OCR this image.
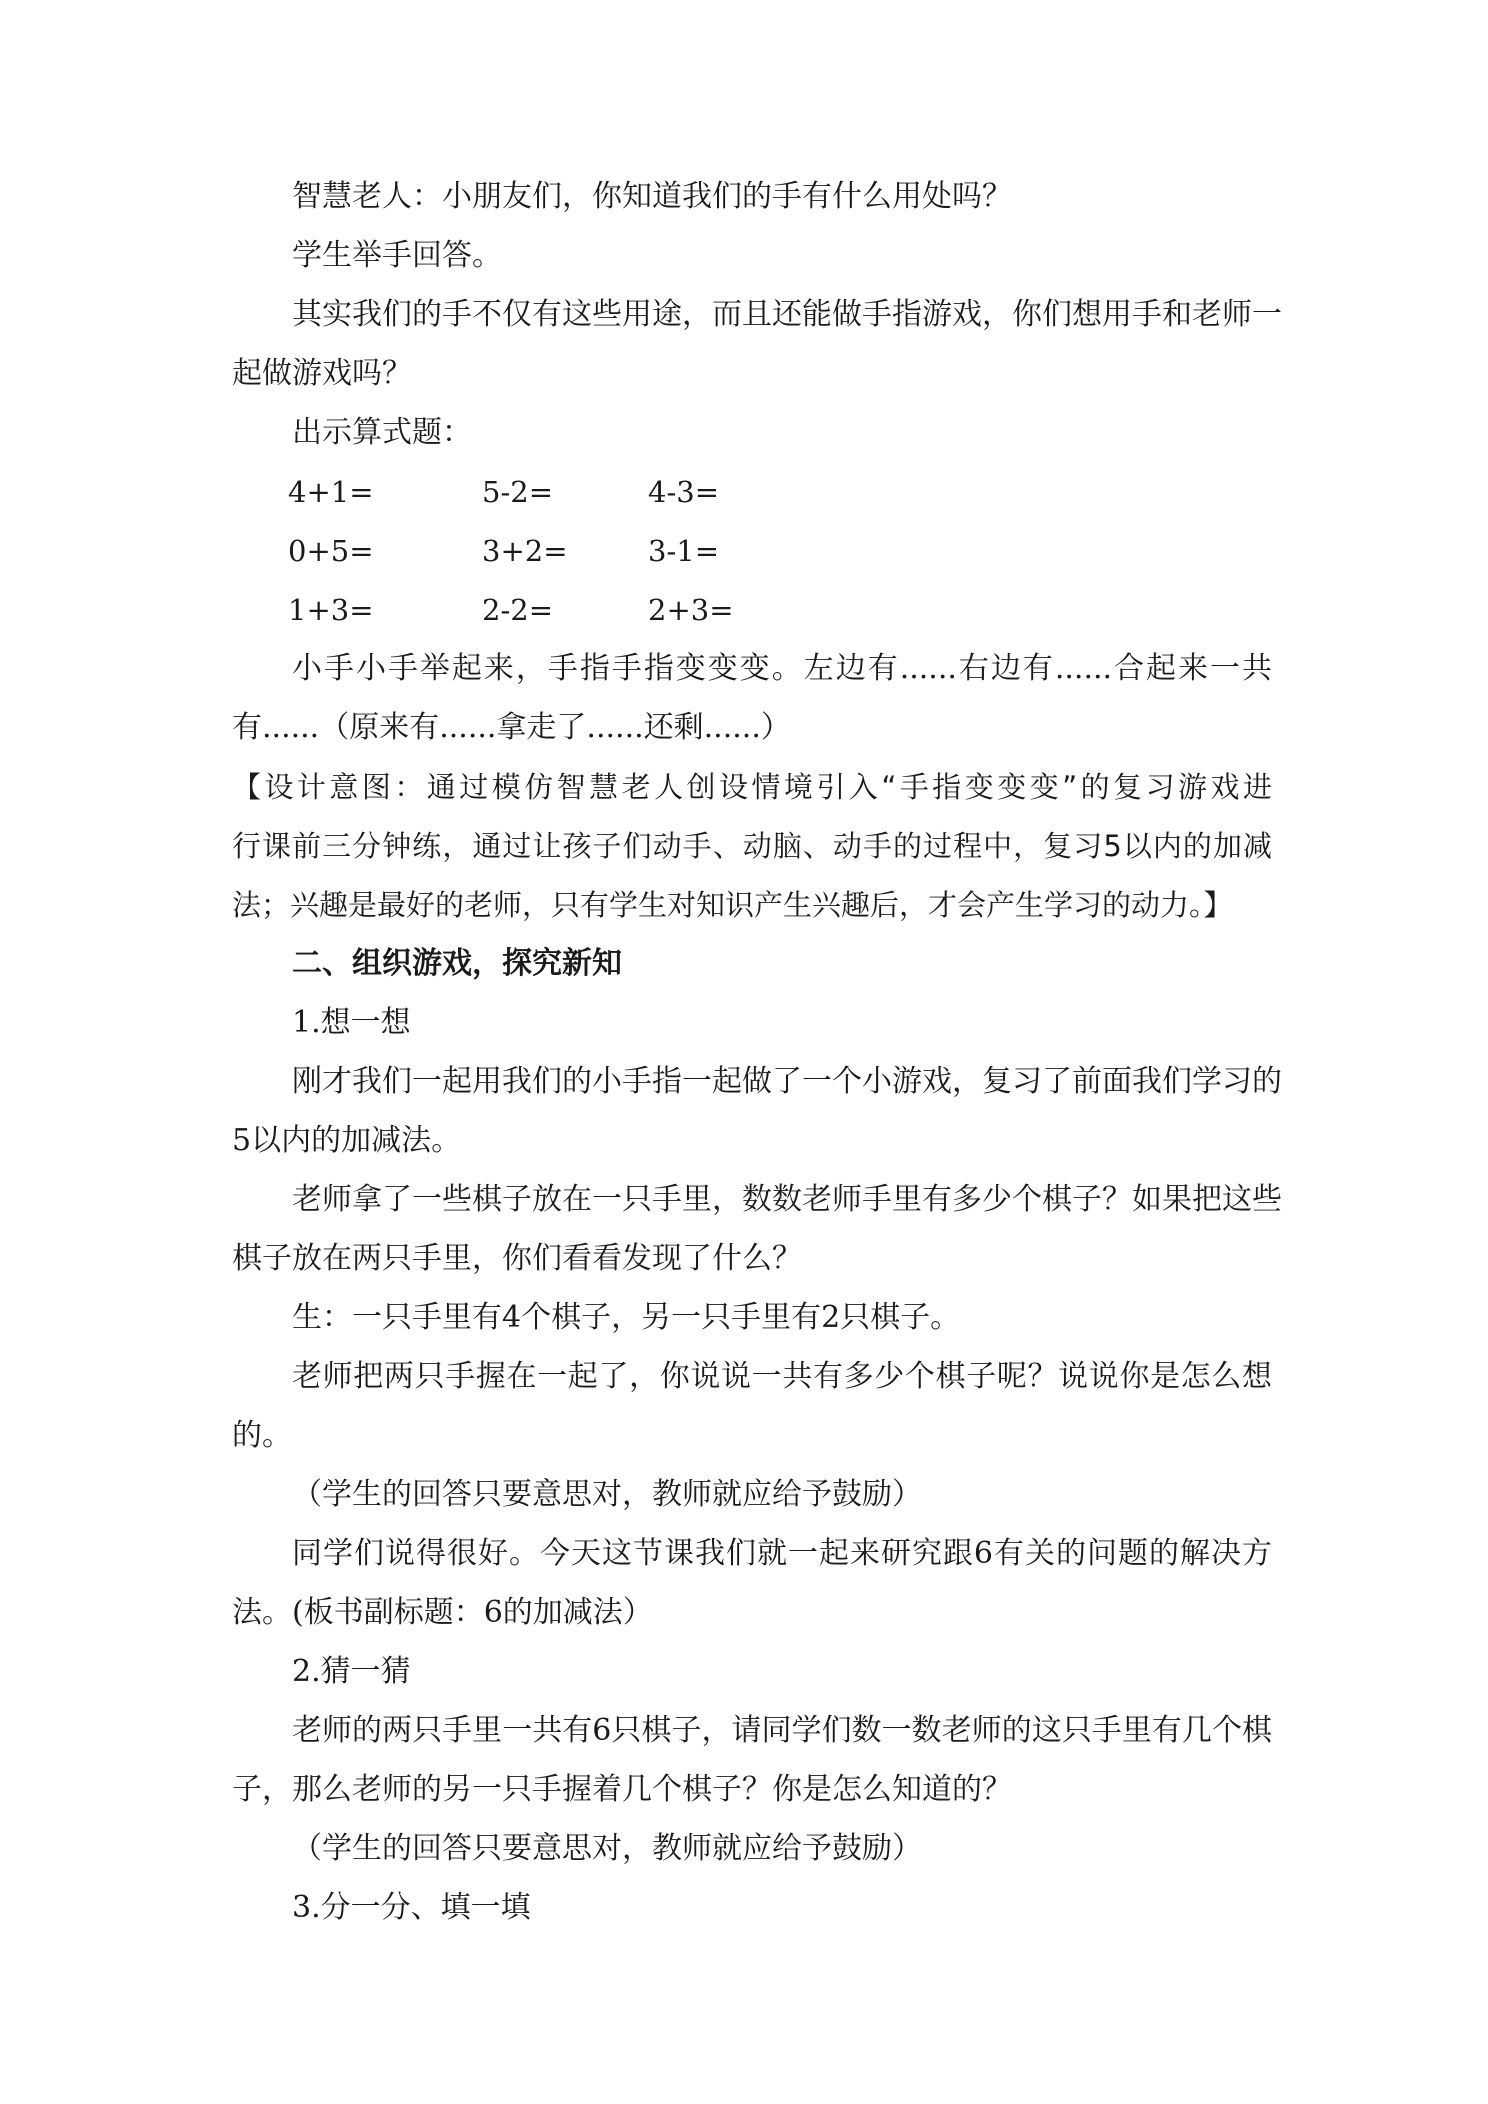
智慧老人：小朋友们，你知道我们的手有什么用处吗？
学生举手回答。
其实我们的手不仅有这些用途，而且还能做手指游戏，你们想用手和老师一
起做游戏吗？
出示算式题：
4+1=	5-2=	4-3=
0+5=	3+2=	3-1=
1+3=	2-2=	2+3=
小手小手举起来，手指手指变变变。左边有......右边有......合起来一共
有......（原来有......拿走了......还剩......）
【设计意图：通过模仿智慧老人创设情境引入“手指变变变”的复习游戏进
行课前三分钟练，通过让孩子们动手、动脑、动手的过程中，复习5以内的加减
法；兴趣是最好的老师，只有学生对知识产生兴趣后，才会产生学习的动力。】
二、组织游戏，探究新知
1.想一想
刚才我们一起用我们的小手指一起做了一个小游戏，复习了前面我们学习的
5以内的加减法。
老师拿了一些棋子放在一只手里，数数老师手里有多少个棋子？如果把这些
棋子放在两只手里，你们看看发现了什么？
生：一只手里有4个棋子，另一只手里有2只棋子。
老师把两只手握在一起了，你说说一共有多少个棋子呢？说说你是怎么想
的。
（学生的回答只要意思对，教师就应给予鼓励）
同学们说得很好。今天这节课我们就一起来研究跟6有关的问题的解决方
法。(板书副标题：6的加减法）
2.猜一猜
老师的两只手里一共有6只棋子，请同学们数一数老师的这只手里有几个棋
子，那么老师的另一只手握着几个棋子？你是怎么知道的？
（学生的回答只要意思对，教师就应给予鼓励）
3.分一分、填一填
